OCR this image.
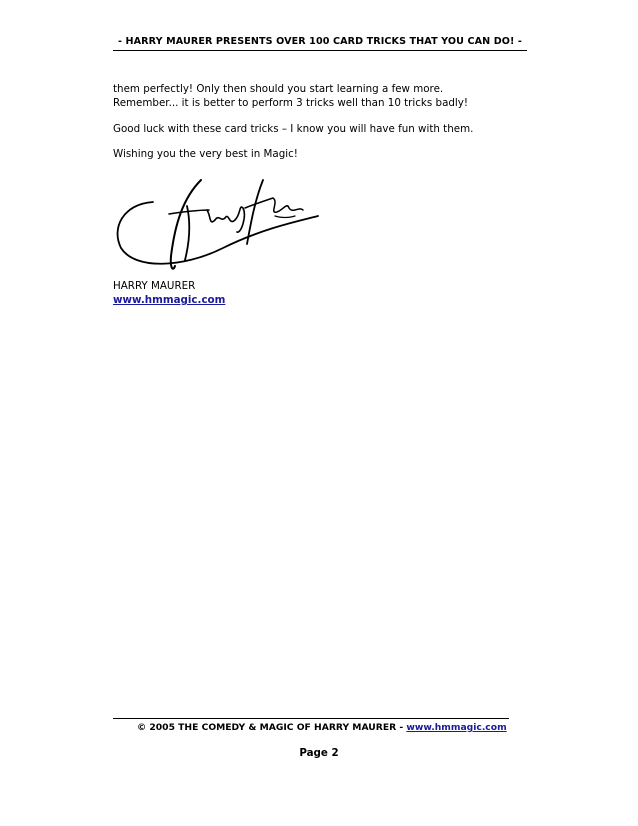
- HARRY MAURER PRESENTS OVER 100 CARD TRICKS THAT YOU CAN DO! -
them perfectly! Only then should you start learning a few more.
Remember... it is better to perform 3 tricks well than 10 tricks badly!
Good luck with these card tricks – I know you will have fun with them.
Wishing you the very best in Magic!
HARRY MAURER
www.hmmagic.com
© 2005 THE COMEDY & MAGIC OF HARRY MAURER - www.hmmagic.com
Page 2
